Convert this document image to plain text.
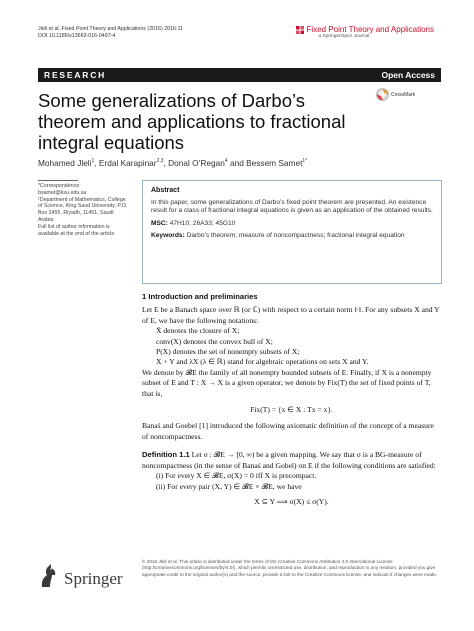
Jleli et al. Fixed Point Theory and Applications (2016) 2016:11
DOI 10.1186/s13663-016-0497-4
Fixed Point Theory and Applications
a SpringerOpen Journal
RESEARCH	Open Access
Some generalizations of Darbo’s theorem and applications to fractional integral equations
CrossMark
Mohamed Jleli$^1$, Erdal Karapinar$^{2,3}$, Donal O’Regan$^4$ and Bessem Samet$^{1*}$
*Correspondence:
bsamet@ksu.edu.sa
¹Department of Mathematics, College of Science, King Saud University, P.O. Box 2455, Riyadh, 11451, Saudi Arabia
Full list of author information is available at the end of the article
Abstract
In this paper, some generalizations of Darbo’s fixed point theorem are presented. An existence result for a class of fractional integral equations is given as an application of the obtained results.
MSC: 47H10; 26A33; 45G10
Keywords: Darbo’s theorem; measure of noncompactness; fractional integral equation
1 Introduction and preliminaries

Let E be a Banach space over ℝ (or ℂ) with respect to a certain norm ‖·‖. For any subsets X and Y of E, we have the following notations:

X̄ denotes the closure of X;

conv(X) denotes the convex hull of X;

P(X) denotes the set of nonempty subsets of X;

X + Y and λX (λ ∈ ℝ) stand for algebraic operations on sets X and Y.

We denote by 𝓑E the family of all nonempty bounded subsets of E. Finally, if X is a nonempty subset of E and T : X → X is a given operator, we denote by Fix(T) the set of fixed points of T, that is,

Fix(T) = {x ∈ X : Tx = x}.

Banaś and Goebel [1] introduced the following axiomatic definition of the concept of a measure of noncompactness.

Definition 1.1 Let σ : 𝓑E → [0, ∞) be a given mapping. We say that σ is a BG-measure of noncompactness (in the sense of Banaś and Gobel) on E if the following conditions are satisfied:

(i) For every X ∈ 𝓑E, σ(X) = 0 iff X is precompact.

(ii) For every pair (X, Y) ∈ 𝓑E × 𝓑E, we have

X ⊆ Y ⟹ σ(X) ≤ σ(Y).

Springer
© 2016 Jleli et al. This article is distributed under the terms of the Creative Commons Attribution 4.0 International License (http://creativecommons.org/licenses/by/4.0/), which permits unrestricted use, distribution, and reproduction in any medium, provided you give appropriate credit to the original author(s) and the source, provide a link to the Creative Commons license, and indicate if changes were made.
